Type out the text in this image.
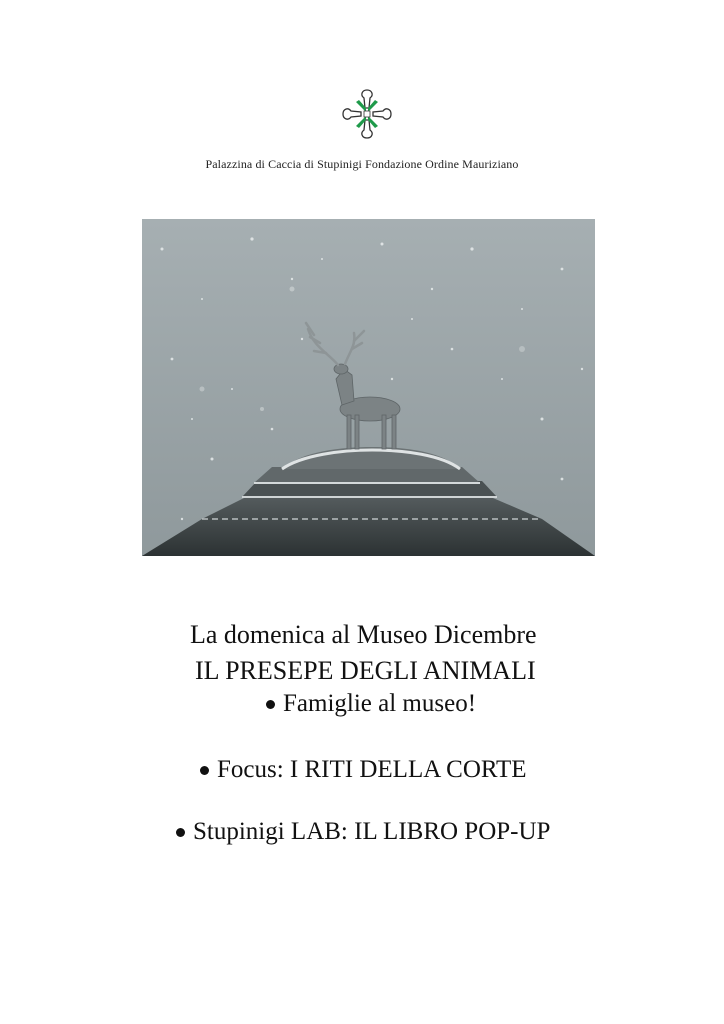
Palazzina di Caccia di Stupinigi Fondazione Ordine Mauriziano
La domenica al Museo Dicembre
IL PRESEPE DEGLI ANIMALI
Famiglie al museo!
Focus: I RITI DELLA CORTE
Stupinigi LAB: IL LIBRO POP-UP
